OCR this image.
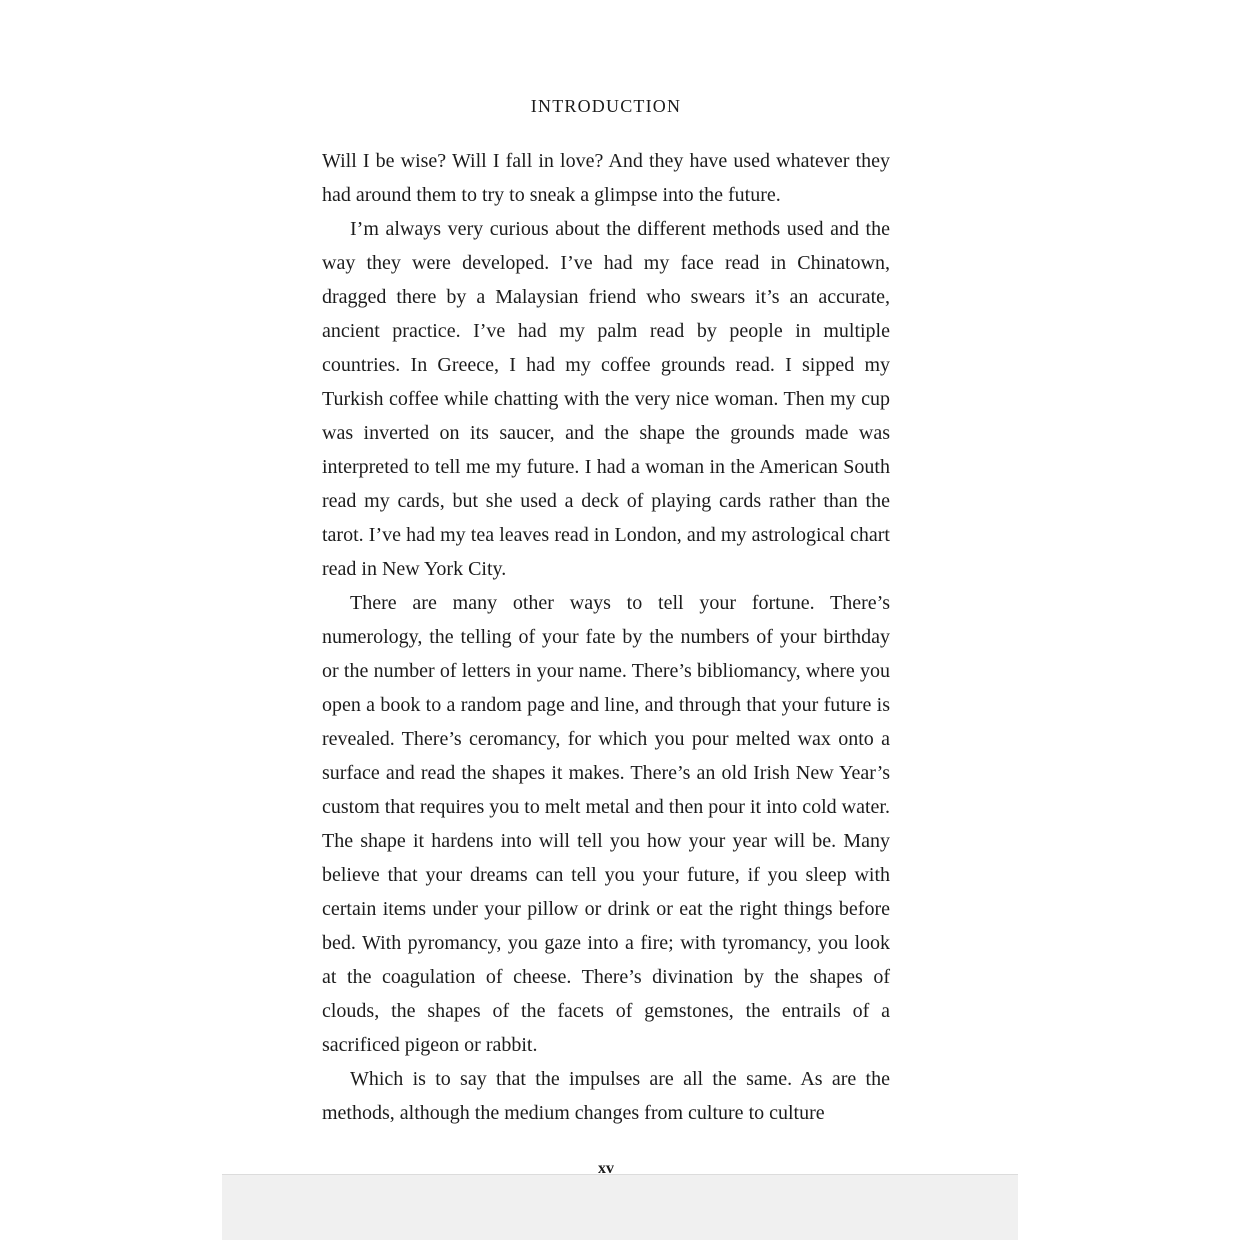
INTRODUCTION

Will I be wise? Will I fall in love? And they have used whatever they had around them to try to sneak a glimpse into the future.

I’m always very curious about the different methods used and the way they were developed. I’ve had my face read in Chinatown, dragged there by a Malaysian friend who swears it’s an accurate, ancient practice. I’ve had my palm read by people in multiple countries. In Greece, I had my coffee grounds read. I sipped my Turkish coffee while chatting with the very nice woman. Then my cup was inverted on its saucer, and the shape the grounds made was interpreted to tell me my future. I had a woman in the American South read my cards, but she used a deck of playing cards rather than the tarot. I’ve had my tea leaves read in London, and my astrological chart read in New York City.

There are many other ways to tell your fortune. There’s numerology, the telling of your fate by the numbers of your birthday or the number of letters in your name. There’s bibliomancy, where you open a book to a random page and line, and through that your future is revealed. There’s ceromancy, for which you pour melted wax onto a surface and read the shapes it makes. There’s an old Irish New Year’s custom that requires you to melt metal and then pour it into cold water. The shape it hardens into will tell you how your year will be. Many believe that your dreams can tell you your future, if you sleep with certain items under your pillow or drink or eat the right things before bed. With pyromancy, you gaze into a fire; with tyromancy, you look at the coagulation of cheese. There’s divination by the shapes of clouds, the shapes of the facets of gemstones, the entrails of a sacrificed pigeon or rabbit.

Which is to say that the impulses are all the same. As are the methods, although the medium changes from culture to culture

xv
